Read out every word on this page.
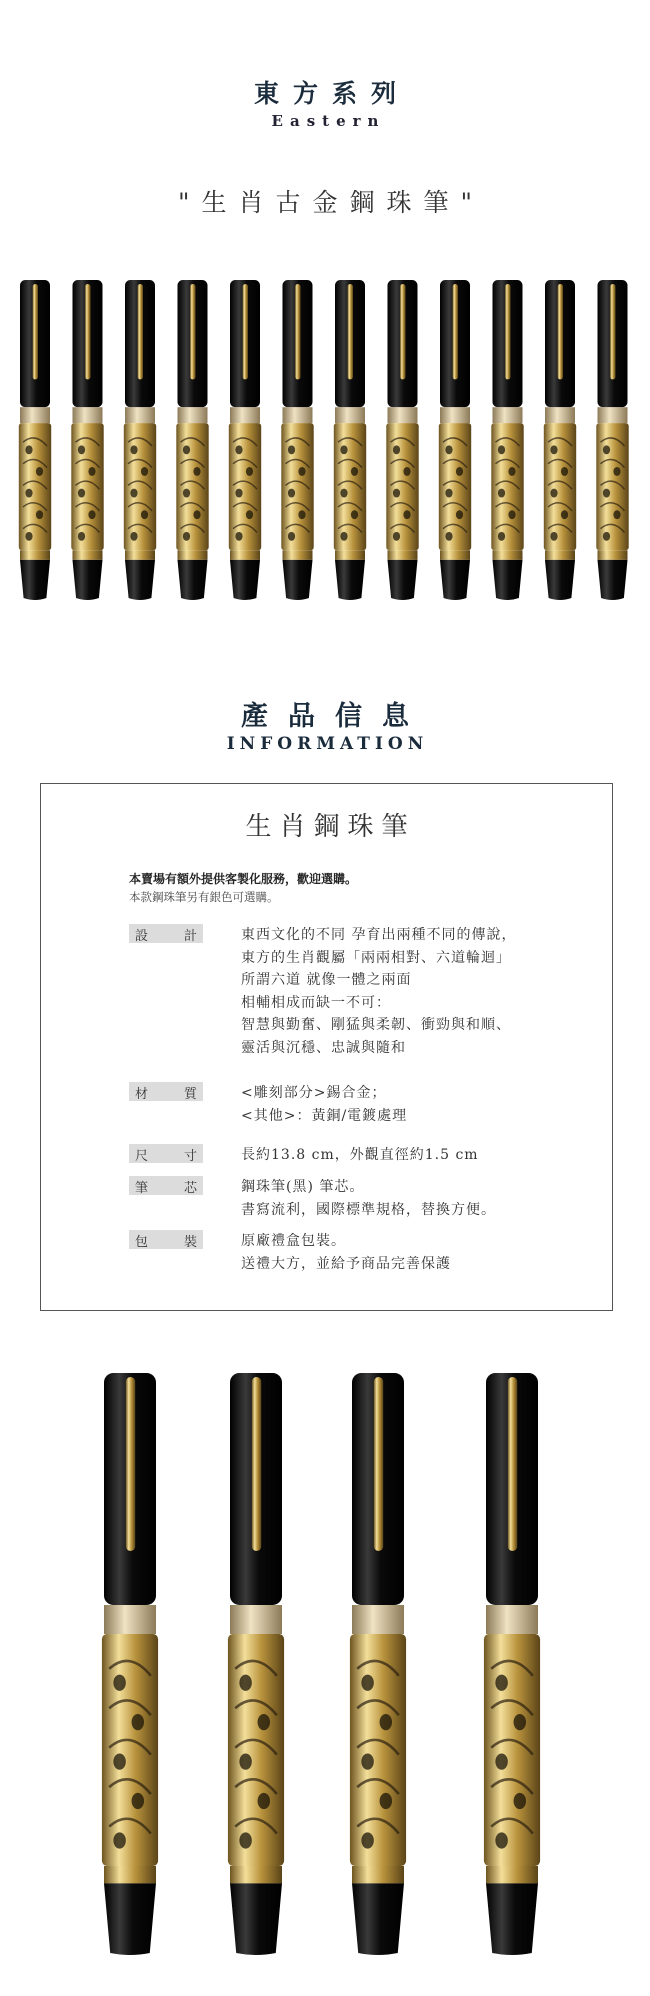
東方系列
Eastern
"生肖古金鋼珠筆"
產品信息
INFORMATION
生肖鋼珠筆
本賣場有額外提供客製化服務，歡迎選購。
本款鋼珠筆另有銀色可選購。
設	計	東西文化的不同 孕育出兩種不同的傳說，
東方的生肖觀屬「兩兩相對、六道輪迴」
所謂六道 就像一體之兩面
相輔相成而缺一不可：
智慧與勤奮、剛猛與柔韌、衝勁與和順、
靈活與沉穩、忠誠與隨和
材	質	<雕刻部分>錫合金；
<其他>：黃銅/電鍍處理
尺	寸	長約13.8 cm，外觀直徑約1.5 cm
筆	芯	鋼珠筆(黑) 筆芯。
書寫流利，國際標準規格，替換方便。
包	裝	原廠禮盒包裝。
送禮大方，並給予商品完善保護
